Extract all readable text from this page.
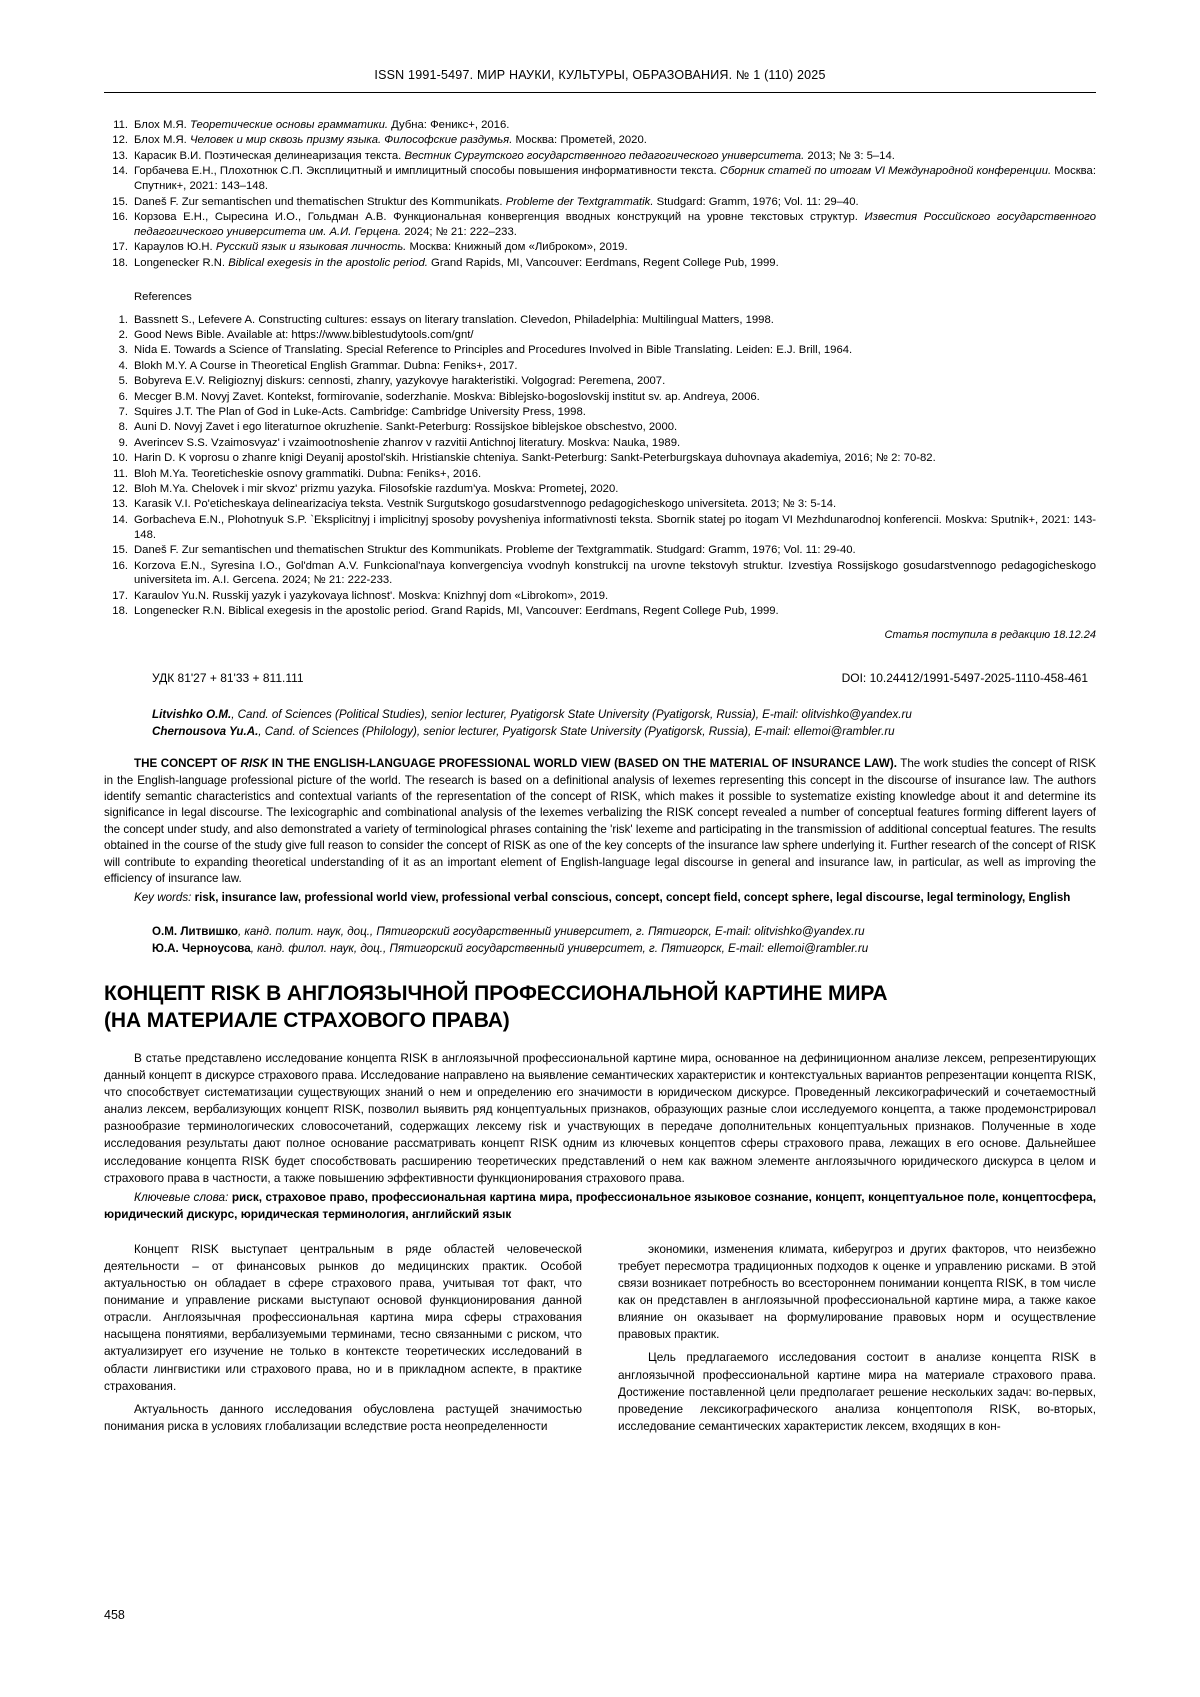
ISSN 1991-5497. МИР НАУКИ, КУЛЬТУРЫ, ОБРАЗОВАНИЯ. № 1 (110) 2025
11. Блох М.Я. Теоретические основы грамматики. Дубна: Феникс+, 2016.
12. Блох М.Я. Человек и мир сквозь призму языка. Философские раздумья. Москва: Прометей, 2020.
13. Карасик В.И. Поэтическая делинеаризация текста. Вестник Сургутского государственного педагогического университета. 2013; № 3: 5–14.
14. Горбачева Е.Н., Плохотнюк С.П. Эксплицитный и имплицитный способы повышения информативности текста. Сборник статей по итогам VI Международной конференции. Москва: Спутник+, 2021: 143–148.
15. Daneš F. Zur semantischen und thematischen Struktur des Kommunikats. Probleme der Textgrammatik. Studgard: Gramm, 1976; Vol. 11: 29–40.
16. Корзова Е.Н., Сыресина И.О., Гольдман А.В. Функциональная конвергенция вводных конструкций на уровне текстовых структур. Известия Российского государственного педагогического университета им. А.И. Герцена. 2024; № 21: 222–233.
17. Караулов Ю.Н. Русский язык и языковая личность. Москва: Книжный дом «Либроком», 2019.
18. Longenecker R.N. Biblical exegesis in the apostolic period. Grand Rapids, MI, Vancouver: Eerdmans, Regent College Pub, 1999.
References
1. Bassnett S., Lefevere A. Constructing cultures: essays on literary translation. Clevedon, Philadelphia: Multilingual Matters, 1998.
2. Good News Bible. Available at: https://www.biblestudytools.com/gnt/
3. Nida E. Towards a Science of Translating. Special Reference to Principles and Procedures Involved in Bible Translating. Leiden: E.J. Brill, 1964.
4. Blokh M.Y. A Course in Theoretical English Grammar. Dubna: Feniks+, 2017.
5. Bobyreva E.V. Religioznyj diskurs: cennosti, zhanry, yazykovye harakteristiki. Volgograd: Peremena, 2007.
6. Mecger B.M. Novyj Zavet. Kontekst, formirovanie, soderzhanie. Moskva: Biblejsko-bogoslovskij institut sv. ap. Andreya, 2006.
7. Squires J.T. The Plan of God in Luke-Acts. Cambridge: Cambridge University Press, 1998.
8. Auni D. Novyj Zavet i ego literaturnoe okruzhenie. Sankt-Peterburg: Rossijskoe biblejskoe obschestvo, 2000.
9. Averincev S.S. Vzaimosvyaz' i vzaimootnoshenie zhanrov v razvitii Antichnoj literatury. Moskva: Nauka, 1989.
10. Harin D. K voprosu o zhanre knigi Deyanij apostol'skih. Hristianskie chteniya. Sankt-Peterburg: Sankt-Peterburgskaya duhovnaya akademiya, 2016; № 2: 70-82.
11. Bloh M.Ya. Teoreticheskie osnovy grammatiki. Dubna: Feniks+, 2016.
12. Bloh M.Ya. Chelovek i mir skvoz' prizmu yazyka. Filosofskie razdum'ya. Moskva: Prometej, 2020.
13. Karasik V.I. Po'eticheskaya delinearizaciya teksta. Vestnik Surgutskogo gosudarstvennogo pedagogicheskogo universiteta. 2013; № 3: 5-14.
14. Gorbacheva E.N., Plohotnyuk S.P. `Eksplicitnyj i implicitnyj sposoby povysheniya informativnosti teksta. Sbornik statej po itogam VI Mezhdunarodnoj konferencii. Moskva: Sputnik+, 2021: 143-148.
15. Daneš F. Zur semantischen und thematischen Struktur des Kommunikats. Probleme der Textgrammatik. Studgard: Gramm, 1976; Vol. 11: 29-40.
16. Korzova E.N., Syresina I.O., Gol'dman A.V. Funkcional'naya konvergenciya vvodnyh konstrukcij na urovne tekstovyh struktur. Izvestiya Rossijskogo gosudarstvennogo pedagogicheskogo universiteta im. A.I. Gercena. 2024; № 21: 222-233.
17. Karaulov Yu.N. Russkij yazyk i yazykovaya lichnost'. Moskva: Knizhnyj dom «Librokom», 2019.
18. Longenecker R.N. Biblical exegesis in the apostolic period. Grand Rapids, MI, Vancouver: Eerdmans, Regent College Pub, 1999.
Статья поступила в редакцию 18.12.24
УДК 81'27 + 81'33 + 811.111	DOI: 10.24412/1991-5497-2025-1110-458-461
Litvishko O.M., Cand. of Sciences (Political Studies), senior lecturer, Pyatigorsk State University (Pyatigorsk, Russia), E-mail: olitvishko@yandex.ru
Chernousova Yu.A., Cand. of Sciences (Philology), senior lecturer, Pyatigorsk State University (Pyatigorsk, Russia), E-mail: ellemoi@rambler.ru
THE CONCEPT OF RISK IN THE ENGLISH-LANGUAGE PROFESSIONAL WORLD VIEW (BASED ON THE MATERIAL OF INSURANCE LAW). The work studies the concept of RISK in the English-language professional picture of the world. The research is based on a definitional analysis of lexemes representing this concept in the discourse of insurance law. The authors identify semantic characteristics and contextual variants of the representation of the concept of RISK, which makes it possible to systematize existing knowledge about it and determine its significance in legal discourse. The lexicographic and combinational analysis of the lexemes verbalizing the RISK concept revealed a number of conceptual features forming different layers of the concept under study, and also demonstrated a variety of terminological phrases containing the 'risk' lexeme and participating in the transmission of additional conceptual features. The results obtained in the course of the study give full reason to consider the concept of RISK as one of the key concepts of the insurance law sphere underlying it. Further research of the concept of RISK will contribute to expanding theoretical understanding of it as an important element of English-language legal discourse in general and insurance law, in particular, as well as improving the efficiency of insurance law.
Key words: risk, insurance law, professional world view, professional verbal conscious, concept, concept field, concept sphere, legal discourse, legal terminology, English
О.М. Литвишко, канд. полит. наук, доц., Пятигорский государственный университет, г. Пятигорск, E-mail: olitvishko@yandex.ru
Ю.А. Черноусова, канд. филол. наук, доц., Пятигорский государственный университет, г. Пятигорск, E-mail: ellemoi@rambler.ru
КОНЦЕПТ RISK В АНГЛОЯЗЫЧНОЙ ПРОФЕССИОНАЛЬНОЙ КАРТИНЕ МИРА
(НА МАТЕРИАЛЕ СТРАХОВОГО ПРАВА)
В статье представлено исследование концепта RISK в англоязычной профессиональной картине мира, основанное на дефиниционном анализе лексем, репрезентирующих данный концепт в дискурсе страхового права. Исследование направлено на выявление семантических характеристик и контекстуальных вариантов репрезентации концепта RISK, что способствует систематизации существующих знаний о нем и определению его значимости в юридическом дискурсе. Проведенный лексикографический и сочетаемостный анализ лексем, вербализующих концепт RISK, позволил выявить ряд концептуальных признаков, образующих разные слои исследуемого концепта, а также продемонстрировал разнообразие терминологических словосочетаний, содержащих лексему risk и участвующих в передаче дополнительных концептуальных признаков. Полученные в ходе исследования результаты дают полное основание рассматривать концепт RISK одним из ключевых концептов сферы страхового права, лежащих в его основе. Дальнейшее исследование концепта RISK будет способствовать расширению теоретических представлений о нем как важном элементе англоязычного юридического дискурса в целом и страхового права в частности, а также повышению эффективности функционирования страхового права.
Ключевые слова: риск, страховое право, профессиональная картина мира, профессиональное языковое сознание, концепт, концептуальное поле, концептосфера, юридический дискурс, юридическая терминология, английский язык

Концепт RISK выступает центральным в ряде областей человеческой деятельности – от финансовых рынков до медицинских практик. Особой актуальностью он обладает в сфере страхового права, учитывая тот факт, что понимание и управление рисками выступают основой функционирования данной отрасли. Англоязычная профессиональная картина мира сферы страхования насыщена понятиями, вербализуемыми терминами, тесно связанными с риском, что актуализирует его изучение не только в контексте теоретических исследований в области лингвистики или страхового права, но и в прикладном аспекте, в практике страхования.

Актуальность данного исследования обусловлена растущей значимостью понимания риска в условиях глобализации вследствие роста неопределенности

экономики, изменения климата, киберугроз и других факторов, что неизбежно требует пересмотра традиционных подходов к оценке и управлению рисками. В этой связи возникает потребность во всестороннем понимании концепта RISK, в том числе как он представлен в англоязычной профессиональной картине мира, а также какое влияние он оказывает на формулирование правовых норм и осуществление правовых практик.

Цель предлагаемого исследования состоит в анализе концепта RISK в англоязычной профессиональной картине мира на материале страхового права. Достижение поставленной цели предполагает решение нескольких задач: во-первых, проведение лексикографического анализа концептополя RISK, во-вторых, исследование семантических характеристик лексем, входящих в кон-

458
